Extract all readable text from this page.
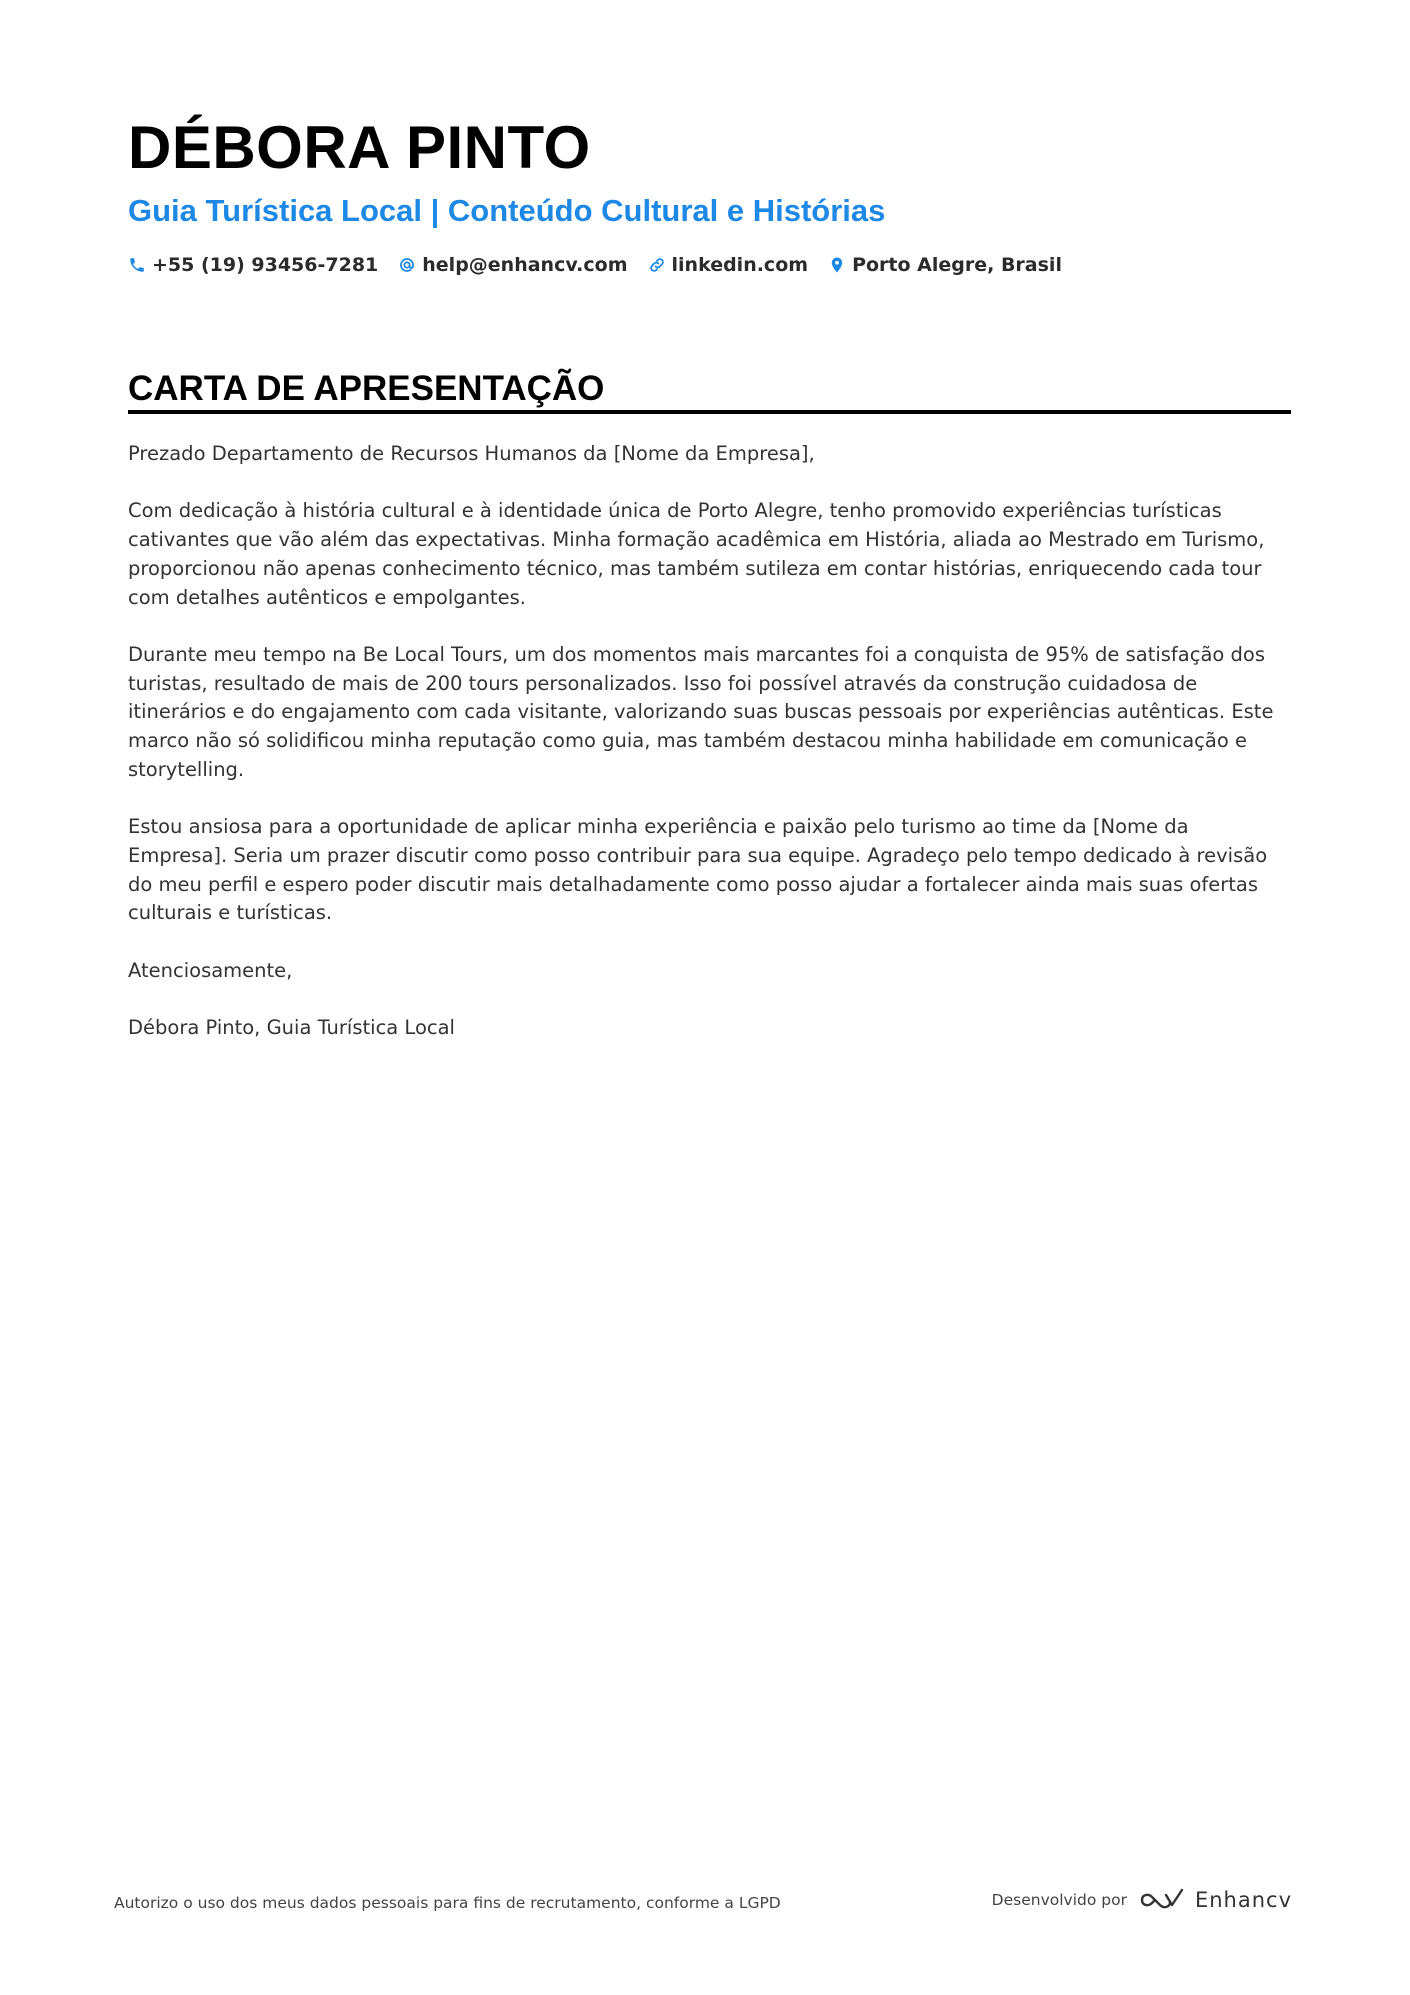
DÉBORA PINTO
Guia Turística Local | Conteúdo Cultural e Histórias
+55 (19) 93456-7281 help@enhancv.com linkedin.com Porto Alegre, Brasil
CARTA DE APRESENTAÇÃO

Prezado Departamento de Recursos Humanos da [Nome da Empresa],

Com dedicação à história cultural e à identidade única de Porto Alegre, tenho promovido experiências turísticas cativantes que vão além das expectativas. Minha formação acadêmica em História, aliada ao Mestrado em Turismo, proporcionou não apenas conhecimento técnico, mas também sutileza em contar histórias, enriquecendo cada tour com detalhes autênticos e empolgantes.

Durante meu tempo na Be Local Tours, um dos momentos mais marcantes foi a conquista de 95% de satisfação dos turistas, resultado de mais de 200 tours personalizados. Isso foi possível através da construção cuidadosa de itinerários e do engajamento com cada visitante, valorizando suas buscas pessoais por experiências autênticas. Este marco não só solidificou minha reputação como guia, mas também destacou minha habilidade em comunicação e storytelling.

Estou ansiosa para a oportunidade de aplicar minha experiência e paixão pelo turismo ao time da [Nome da Empresa]. Seria um prazer discutir como posso contribuir para sua equipe. Agradeço pelo tempo dedicado à revisão do meu perfil e espero poder discutir mais detalhadamente como posso ajudar a fortalecer ainda mais suas ofertas culturais e turísticas.

Atenciosamente,

Débora Pinto, Guia Turística Local

Autorizo o uso dos meus dados pessoais para fins de recrutamento, conforme a LGPD	Desenvolvido por	Enhancv
